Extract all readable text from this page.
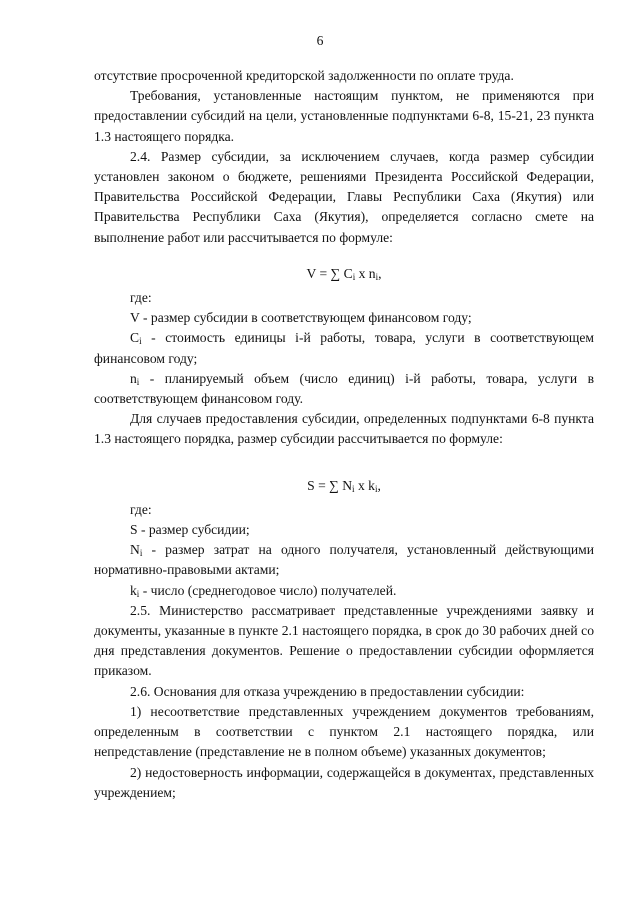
6

отсутствие просроченной кредиторской задолженности по оплате труда.

Требования, установленные настоящим пунктом, не применяются при предоставлении субсидий на цели, установленные подпунктами 6-8, 15-21, 23 пункта 1.3 настоящего порядка.

2.4. Размер субсидии, за исключением случаев, когда размер субсидии установлен законом о бюджете, решениями Президента Российской Федерации, Правительства Российской Федерации, Главы Республики Саха (Якутия) или Правительства Республики Саха (Якутия), определяется согласно смете на выполнение работ или рассчитывается по формуле:

V = ∑ $C_i$ x $n_i$,

где:

V - размер субсидии в соответствующем финансовом году;

$C_i$ - стоимость единицы i-й работы, товара, услуги в соответствующем финансовом году;

$n_i$ - планируемый объем (число единиц) i-й работы, товара, услуги в соответствующем финансовом году.

Для случаев предоставления субсидии, определенных подпунктами 6-8 пункта 1.3 настоящего порядка, размер субсидии рассчитывается по формуле:

S = ∑ $N_i$ x $k_i$,

где:

S - размер субсидии;

$N_i$ - размер затрат на одного получателя, установленный действующими нормативно-правовыми актами;

$k_i$ - число (среднегодовое число) получателей.

2.5. Министерство рассматривает представленные учреждениями заявку и документы, указанные в пункте 2.1 настоящего порядка, в срок до 30 рабочих дней со дня представления документов. Решение о предоставлении субсидии оформляется приказом.

2.6. Основания для отказа учреждению в предоставлении субсидии:

1) несоответствие представленных учреждением документов требованиям, определенным в соответствии с пунктом 2.1 настоящего порядка, или непредставление (представление не в полном объеме) указанных документов;

2) недостоверность информации, содержащейся в документах, представленных учреждением;
